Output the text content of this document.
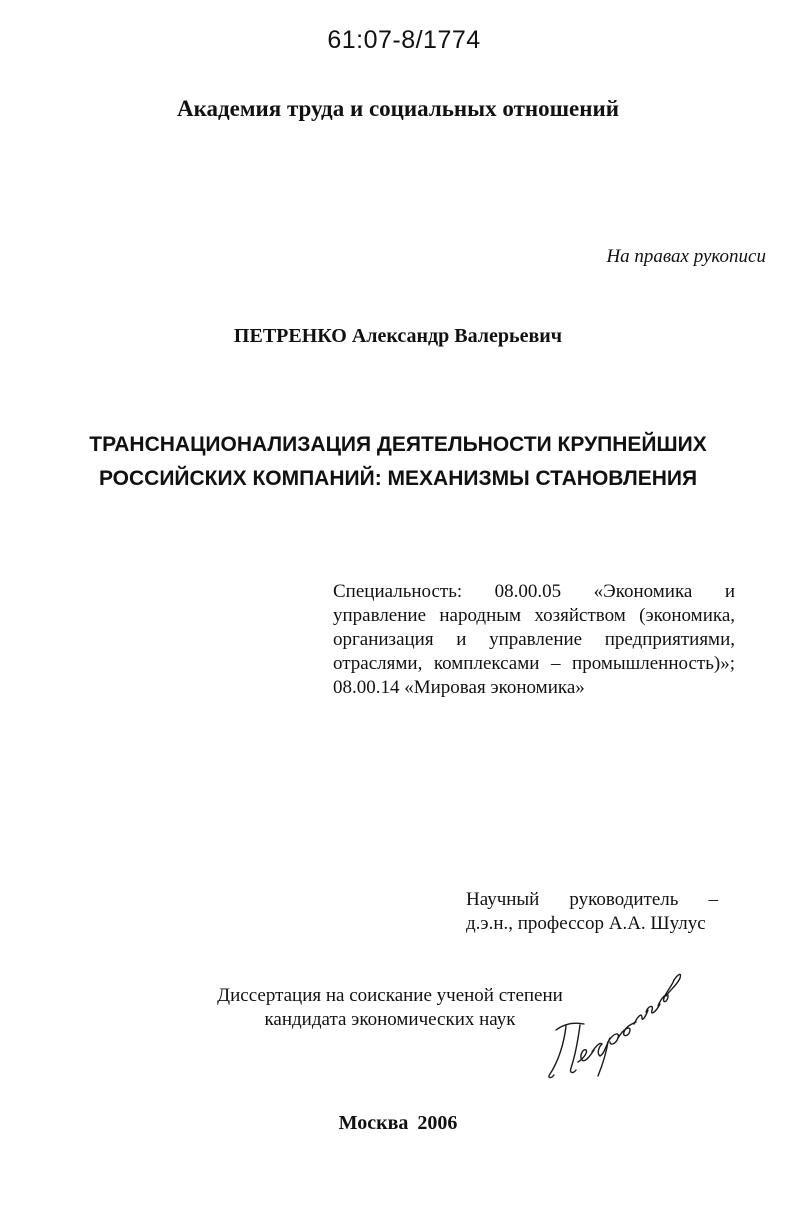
61:07-8/1774
Академия труда и социальных отношений
На правах рукописи
ПЕТРЕНКО Александр Валерьевич
ТРАНСНАЦИОНАЛИЗАЦИЯ ДЕЯТЕЛЬНОСТИ КРУПНЕЙШИХ
РОССИЙСКИХ КОМПАНИЙ: МЕХАНИЗМЫ СТАНОВЛЕНИЯ
Специальность: 08.00.05 «Экономика и
управление народным хозяйством (экономика,
организация и управление предприятиями,
отраслями, комплексами – промышленность)»;
08.00.14 «Мировая экономика»
Научный руководитель –
д.э.н., профессор А.А. Шулус
Диссертация на соискание ученой степени
кандидата экономических наук
Москва 2006
